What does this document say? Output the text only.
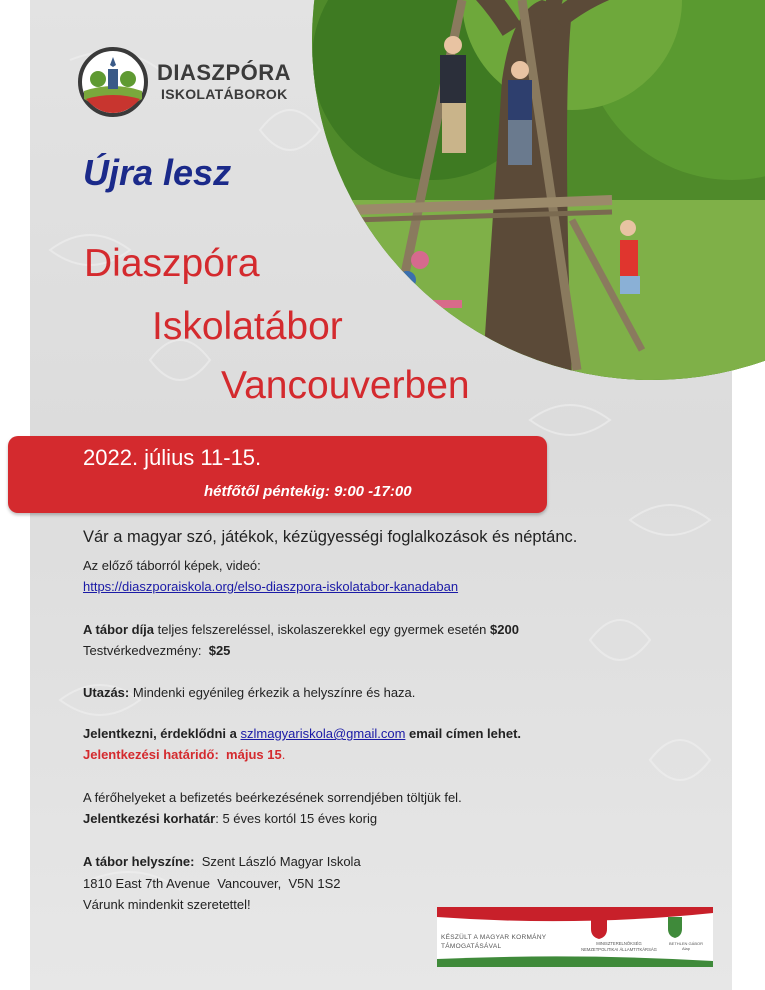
DIASZPÓRA
ISKOLATÁBOROK
Újra lesz
Diaszpóra
Iskolatábor
Vancouverben
2022. július 11-15.
hétfőtől péntekig: 9:00 -17:00
Vár a magyar szó, játékok, kézügyességi foglalkozások és néptánc.
Az előző táborról képek, videó:
https://diaszporaiskola.org/elso-diaszpora-iskolatabor-kanadaban
A tábor díja teljes felszereléssel, iskolaszerekkel egy gyermek esetén $200
Testvérkedvezmény:  $25
Utazás: Mindenki egyénileg érkezik a helyszínre és haza.
Jelentkezni, érdeklődni a szlmagyariskola@gmail.com email címen lehet.
Jelentkezési határidő:  május 15.
A férőhelyeket a befizetés beérkezésének sorrendjében töltjük fel.
Jelentkezési korhatár: 5 éves kortól 15 éves korig
A tábor helyszíne:  Szent László Magyar Iskola
1810 East 7th Avenue  Vancouver,  V5N 1S2
Várunk mindenkit szeretettel!
KÉSZÜLT A MAGYAR KORMÁNY TÁMOGATÁSÁVAL	MINISZTERELNÖKSÉG NEMZETPOLITIKAI ÁLLAMTITKÁRSÁG
BETHLEN GÁBOR Alap
